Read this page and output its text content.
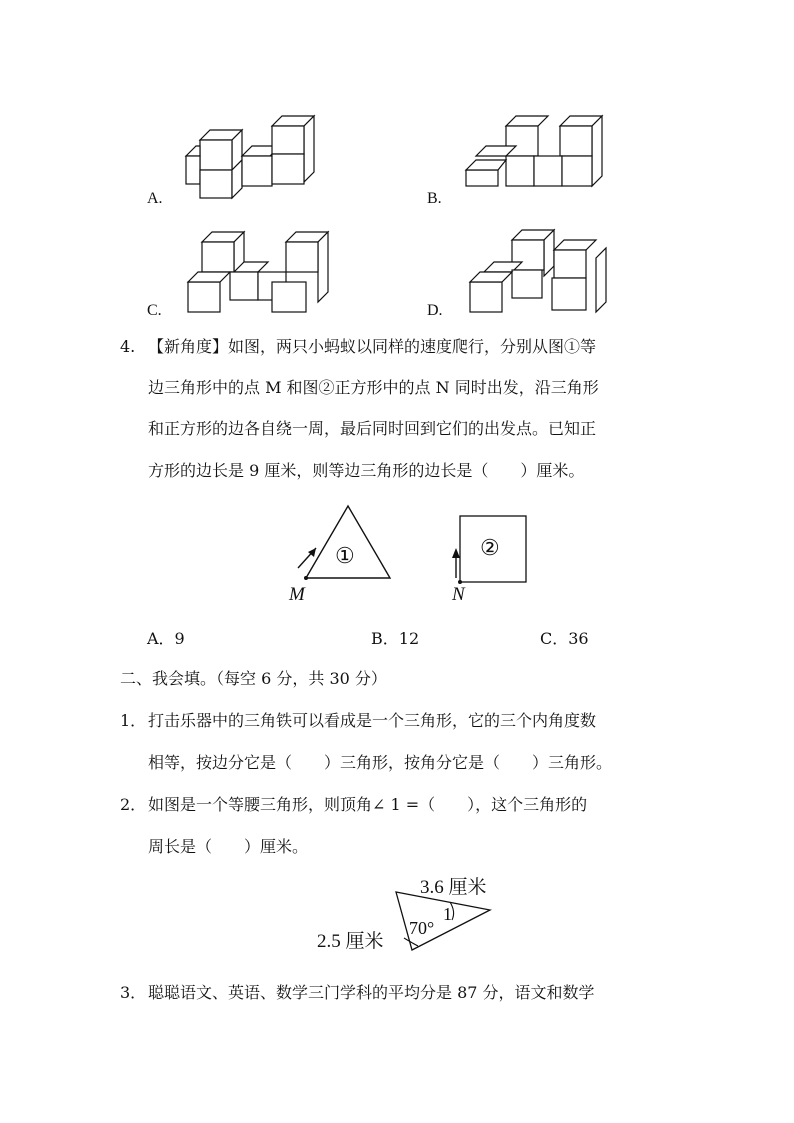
A.	B.
C.	D.
4. 【新角度】如图，两只小蚂蚁以同样的速度爬行，分别从图①等
边三角形中的点 M 和图②正方形中的点 N 同时出发，沿三角形
和正方形的边各自绕一周，最后同时回到它们的出发点。已知正
方形的边长是 9 厘米，则等边三角形的边长是（　　）厘米。
①
M
②
N
A．9	B．12	C．36
二、我会填。（每空 6 分，共 30 分）
1． 打击乐器中的三角铁可以看成是一个三角形，它的三个内角度数
相等，按边分它是（　　）三角形，按角分它是（　　）三角形。
2． 如图是一个等腰三角形，则顶角∠ 1 =（　　），这个三角形的
周长是（　　）厘米。
3.6 厘米
2.5 厘米
70°
1
3． 聪聪语文、英语、数学三门学科的平均分是 87 分，语文和数学
